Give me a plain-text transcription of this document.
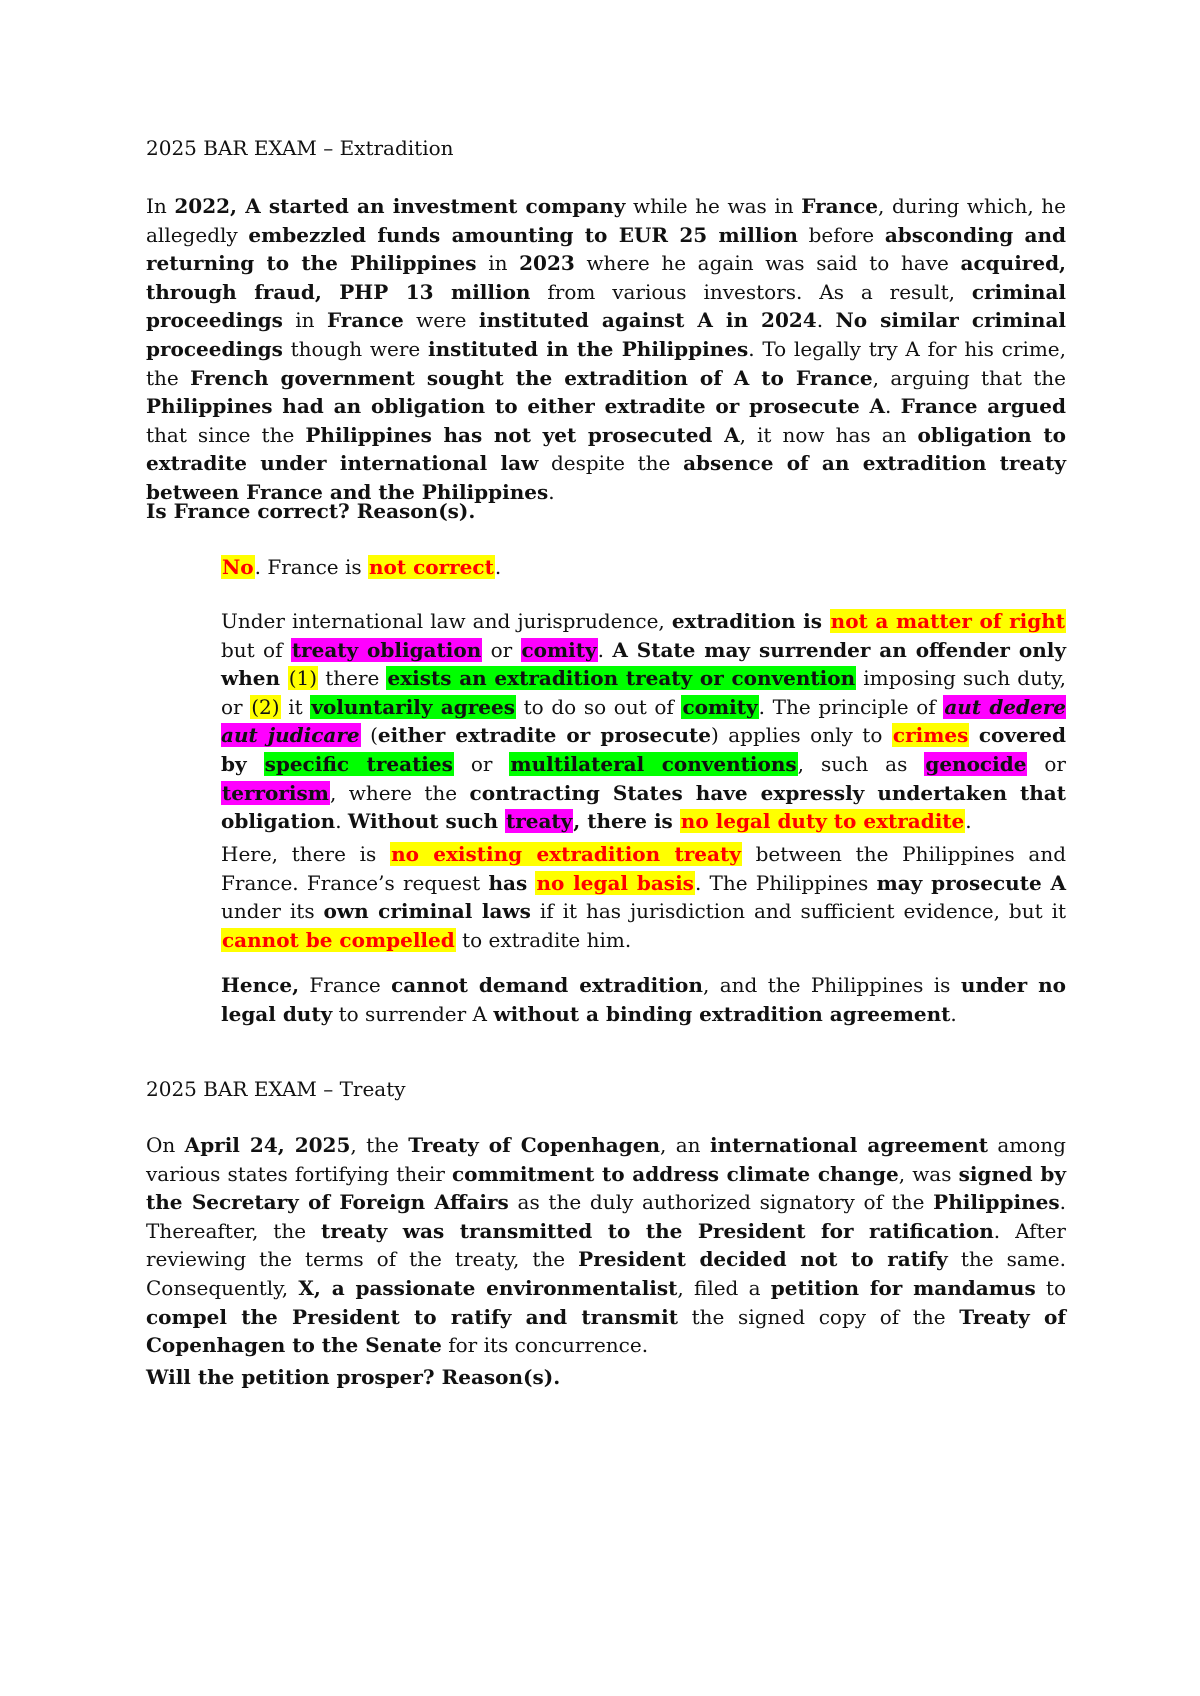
2025 BAR EXAM – Extradition

In 2022, A started an investment company while he was in France, during which, he allegedly embezzled funds amounting to EUR 25 million before absconding and returning to the Philippines in 2023 where he again was said to have acquired, through fraud, PHP 13 million from various investors. As a result, criminal proceedings in France were instituted against A in 2024. No similar criminal proceedings though were instituted in the Philippines. To legally try A for his crime, the French government sought the extradition of A to France, arguing that the Philippines had an obligation to either extradite or prosecute A. France argued that since the Philippines has not yet prosecuted A, it now has an obligation to extradite under international law despite the absence of an extradition treaty between France and the Philippines.

Is France correct? Reason(s).

No. France is not correct.

Under international law and jurisprudence, extradition is not a matter of right but of treaty obligation or comity. A State may surrender an offender only when (1) there exists an extradition treaty or convention imposing such duty, or (2) it voluntarily agrees to do so out of comity. The principle of aut dedere aut judicare (either extradite or prosecute) applies only to crimes covered by specific treaties or multilateral conventions, such as genocide or terrorism, where the contracting States have expressly undertaken that obligation. Without such treaty, there is no legal duty to extradite.

Here, there is no existing extradition treaty between the Philippines and France. France’s request has no legal basis. The Philippines may prosecute A under its own criminal laws if it has jurisdiction and sufficient evidence, but it cannot be compelled to extradite him.

Hence, France cannot demand extradition, and the Philippines is under no legal duty to surrender A without a binding extradition agreement.

2025 BAR EXAM – Treaty

On April 24, 2025, the Treaty of Copenhagen, an international agreement among various states fortifying their commitment to address climate change, was signed by the Secretary of Foreign Affairs as the duly authorized signatory of the Philippines. Thereafter, the treaty was transmitted to the President for ratification. After reviewing the terms of the treaty, the President decided not to ratify the same. Consequently, X, a passionate environmentalist, filed a petition for mandamus to compel the President to ratify and transmit the signed copy of the Treaty of Copenhagen to the Senate for its concurrence.

Will the petition prosper? Reason(s).
